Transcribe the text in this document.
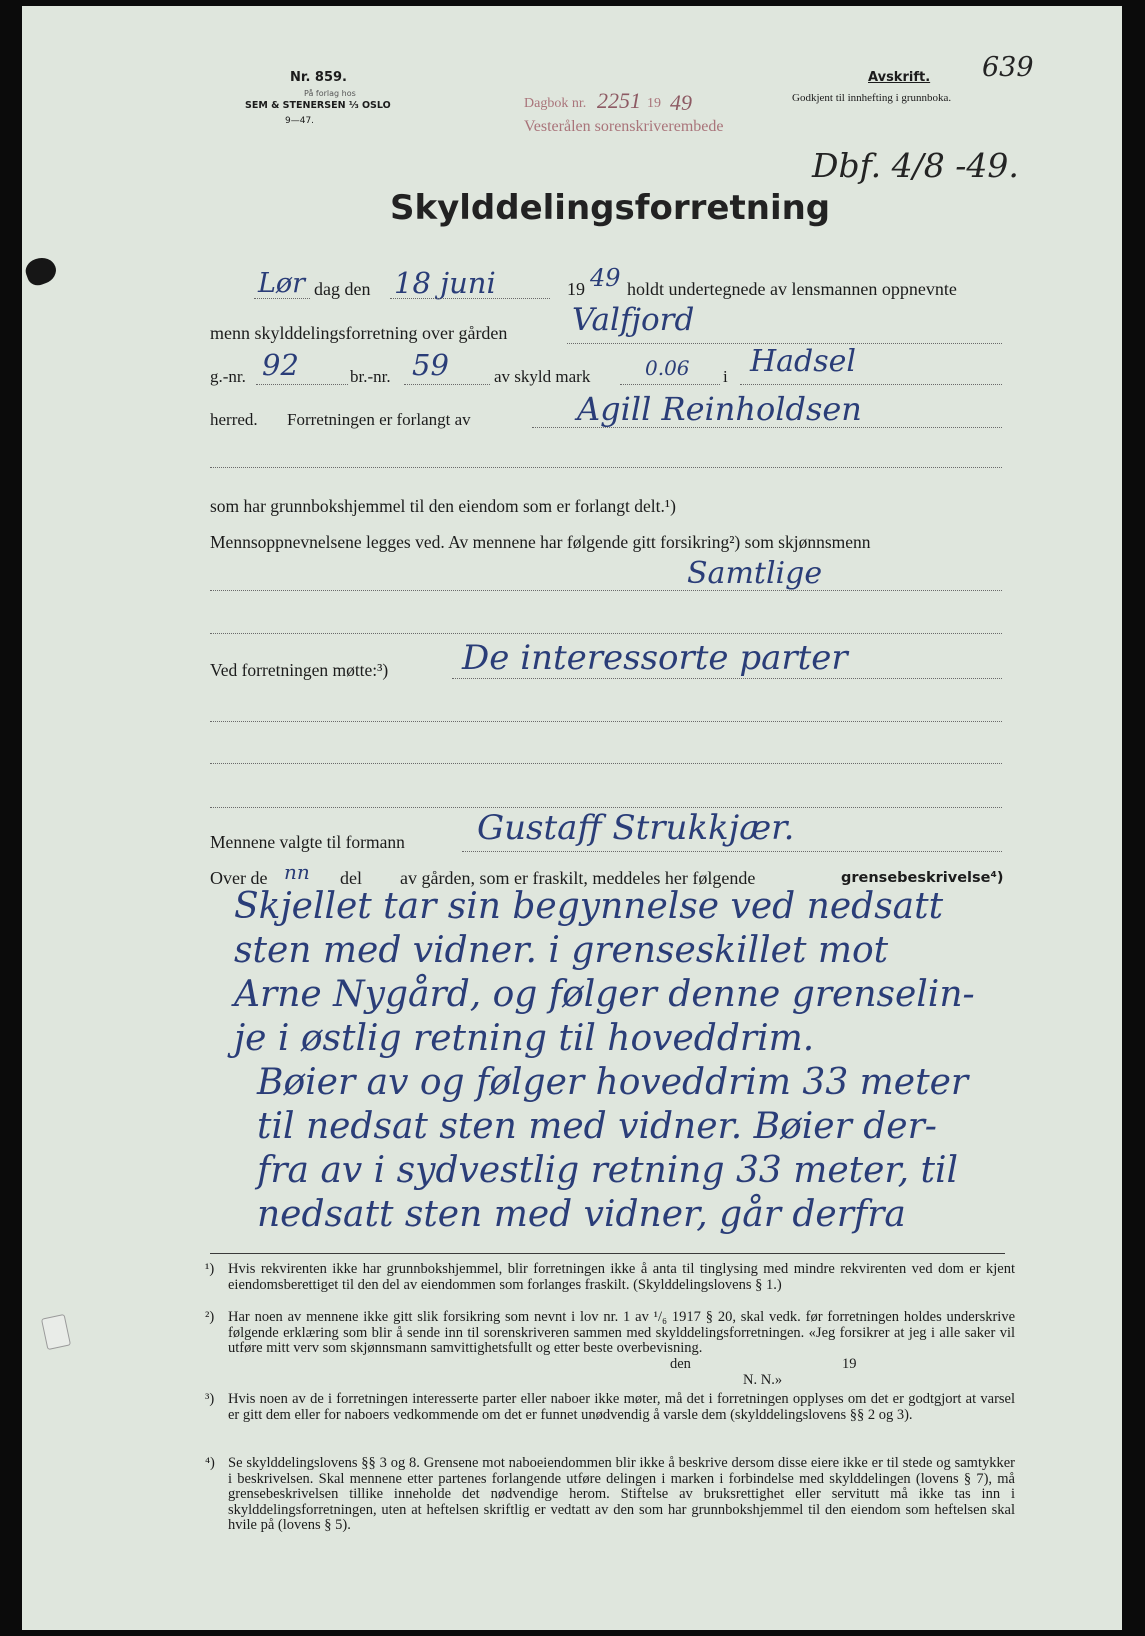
Nr. 859.
På forlag hos
SEM & STENERSEN ⅓ OSLO
9—47.
Dagbok nr. 2251 19 49
Vesterålen sorenskriverembede
Avskrift.
Godkjent til innhefting i grunnboka.
639
Dbf. 4/8 -49.
Skylddelingsforretning
Lør dag den 18 juni	19 49 holdt undertegnede av lensmannen oppnevnte
menn skylddelingsforretning over gården Valfjord
g.-nr. 92	br.-nr. 59	av skyld mark	0.06 i Hadsel
herred. Forretningen er forlangt av	Agill Reinholdsen
som har grunnbokshjemmel til den eiendom som er forlangt delt.¹)
Mennsoppnevnelsene legges ved. Av mennene har følgende gitt forsikring²) som skjønnsmenn
Samtlige
Ved forretningen møtte:³) De interessorte parter
Mennene valgte til formann Gustaff Strukkjær.
Over de nn del av gården, som er fraskilt, meddeles her følgende	grensebeskrivelse⁴)
Skjellet tar sin begynnelse ved nedsatt
sten med vidner. i grenseskillet mot
Arne Nygård, og følger denne grenselin-
je i østlig retning til hoveddrim.
Bøier av og følger hoveddrim 33 meter
til nedsat sten med vidner. Bøier der-
fra av i sydvestlig retning 33 meter, til
nedsatt sten med vidner, går derfra
¹) Hvis rekvirenten ikke har grunnbokshjemmel, blir forretningen ikke å anta til tinglysing med mindre rekvirenten ved dom er kjent eiendomsberettiget til den del av eiendommen som forlanges fraskilt. (Skylddelingslovens § 1.)
²) Har noen av mennene ikke gitt slik forsikring som nevnt i lov nr. 1 av ¹/₆ 1917 § 20, skal vedk. før forretningen holdes underskrive følgende erklæring som blir å sende inn til sorenskriveren sammen med skylddelingsforretningen. «Jeg forsikrer at jeg i alle saker vil utføre mitt verv som skjønnsmann samvittighetsfullt og etter beste overbevisning.
den	19
N. N.»
³) Hvis noen av de i forretningen interesserte parter eller naboer ikke møter, må det i forretningen opplyses om det er godtgjort at varsel er gitt dem eller for naboers vedkommende om det er funnet unødvendig å varsle dem (skylddelingslovens §§ 2 og 3).
⁴) Se skylddelingslovens §§ 3 og 8. Grensene mot naboeiendommen blir ikke å beskrive dersom disse eiere ikke er til stede og samtykker i beskrivelsen. Skal mennene etter partenes forlangende utføre delingen i marken i forbindelse med skylddelingen (lovens § 7), må grensebeskrivelsen tillike inneholde det nødvendige herom. Stiftelse av bruksrettighet eller servitutt må ikke tas inn i skylddelingsforretningen, uten at heftelsen skriftlig er vedtatt av den som har grunnbokshjemmel til den eiendom som heftelsen skal hvile på (lovens § 5).
